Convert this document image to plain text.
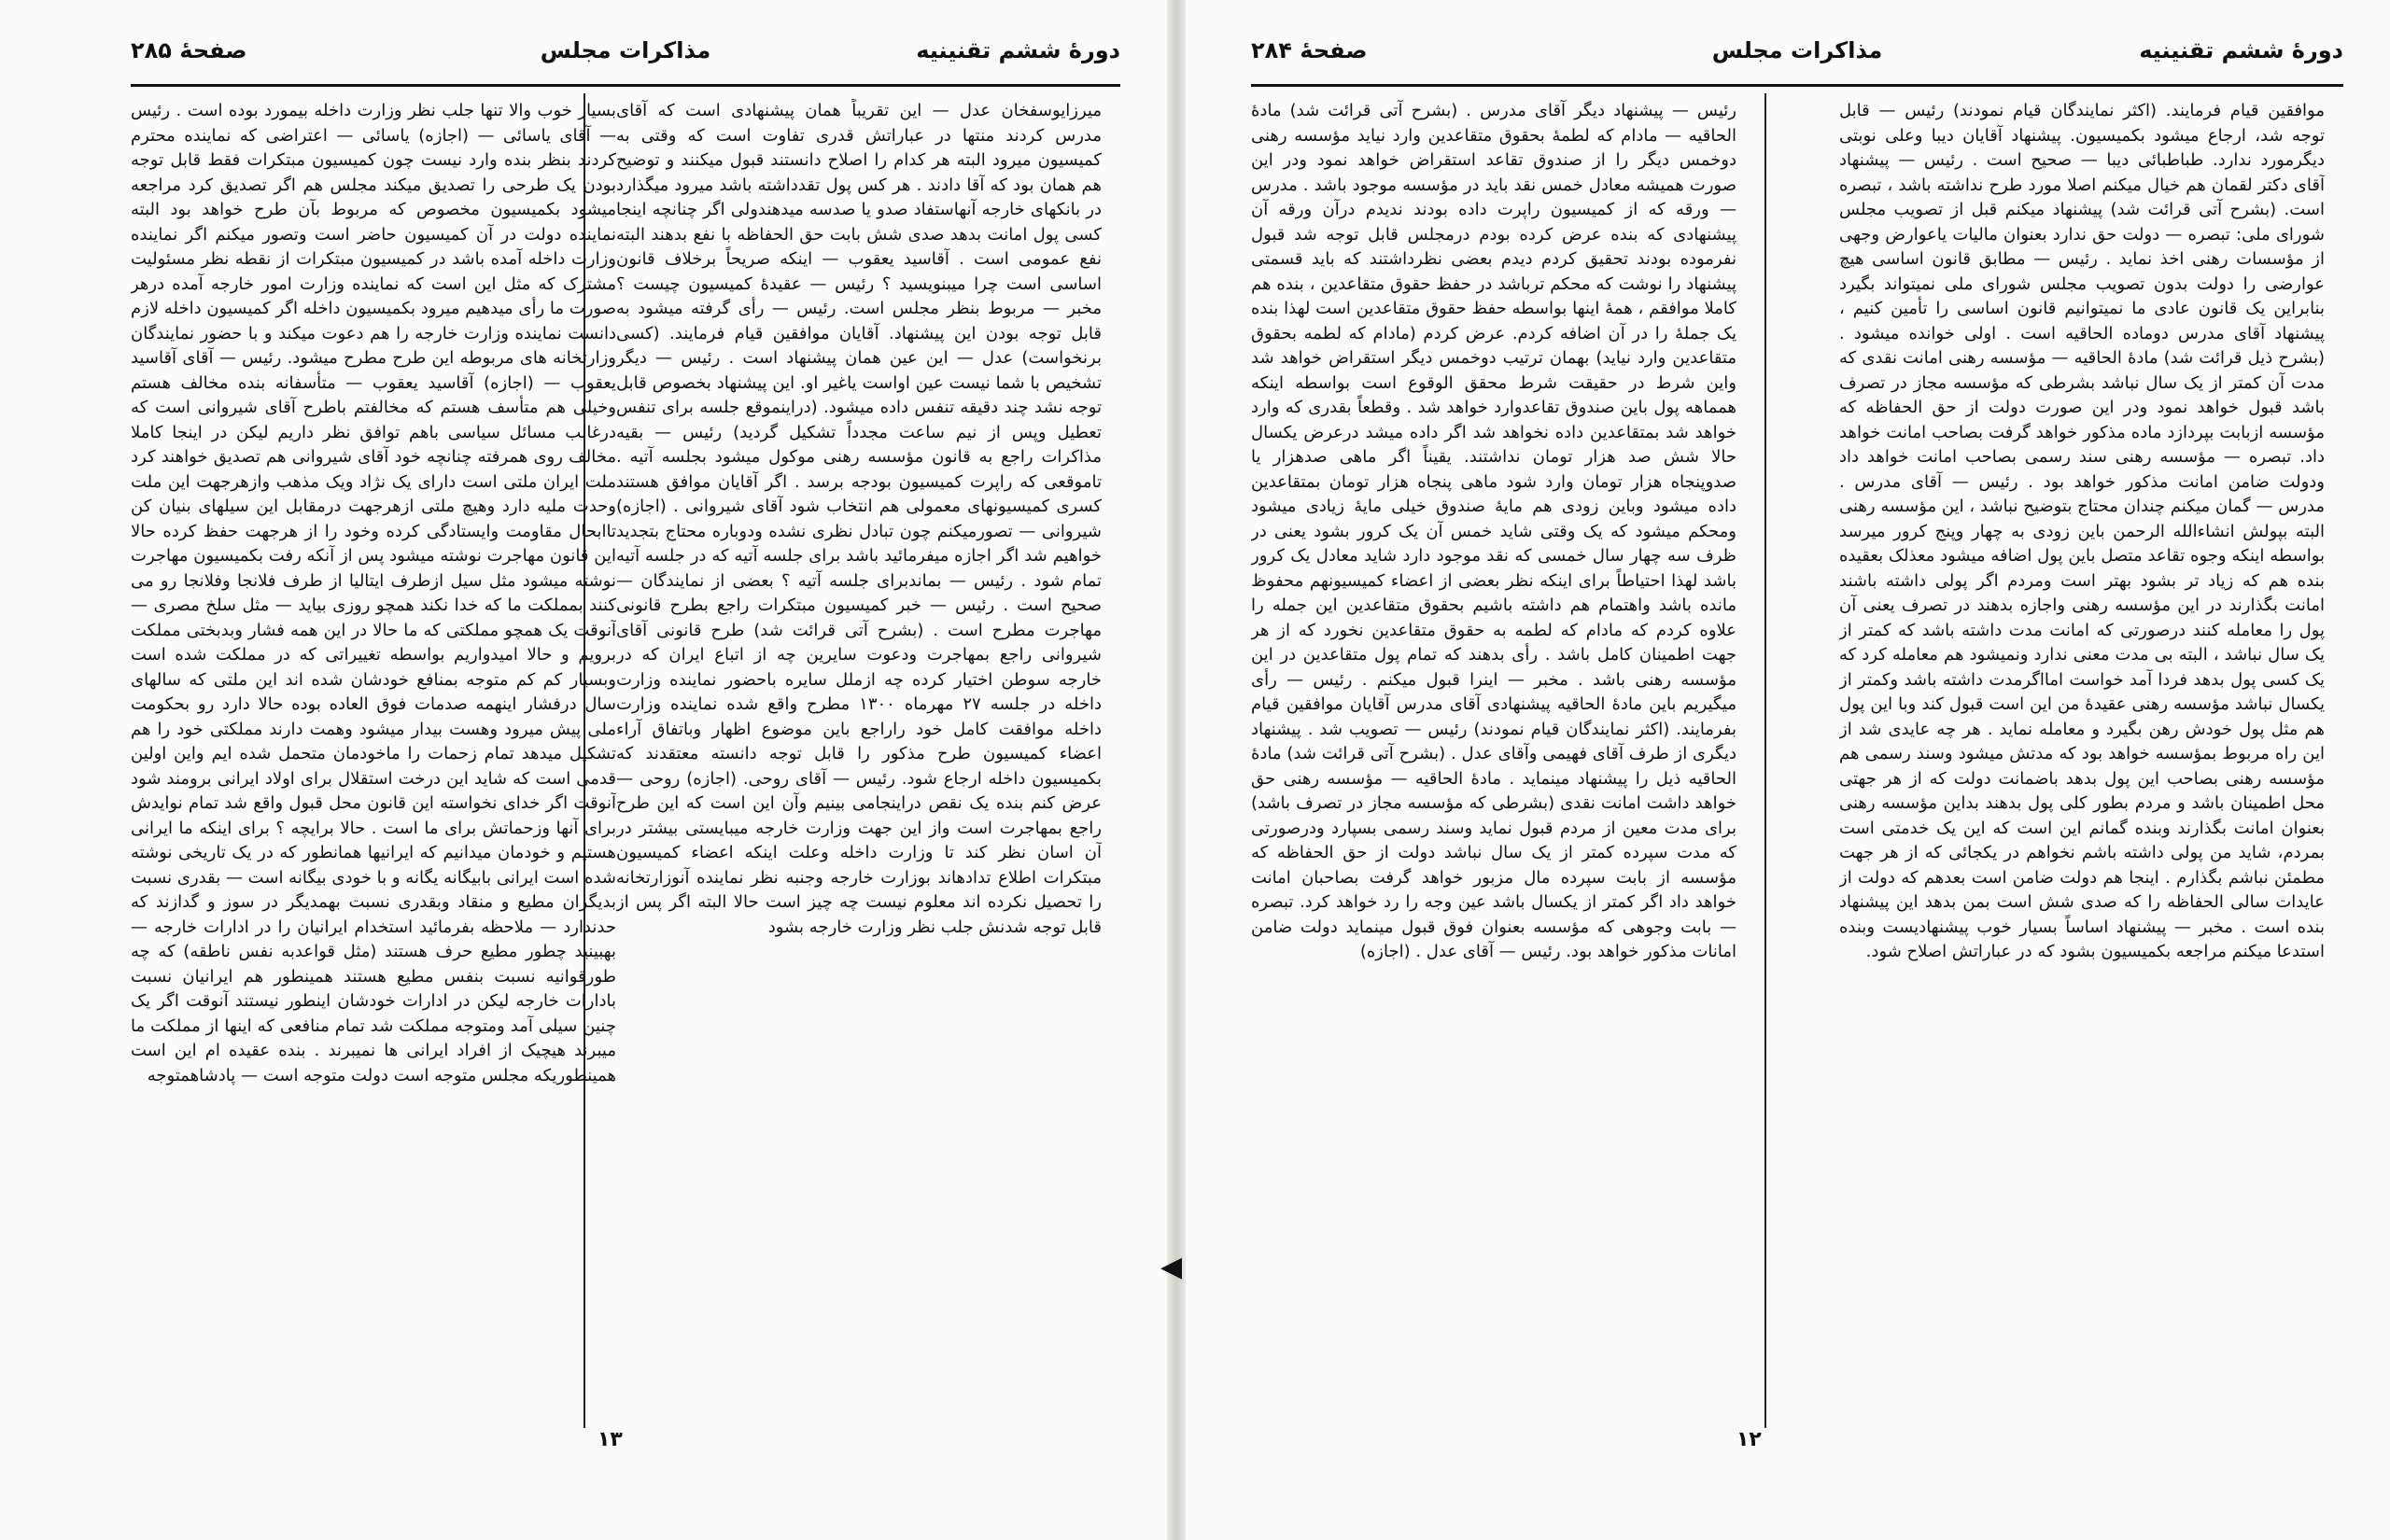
دورهٔ ششم تقنینیه
مذاکرات مجلس
صفحهٔ ۲۸۵

میرزایوسفخان عدل — این تقریباً همان پیشنهادی است که آقای مدرس کردند منتها در عباراتش قدری تفاوت است که وقتی به کمیسیون میرود البته هر کدام را اصلاح دانستند قبول میکنند و توضیح هم همان بود که آقا دادند . هر کس پول تقدداشته باشد میرود میگذارد در بانکهای خارجه آنهاستفاد صدو یا صدسه میدهندولی اگر چنانچه اینجا کسی پول امانت بدهد صدی شش بابت حق الحفاظه با نفع بدهند البته نفع عمومی است . آقاسید یعقوب — اینکه صریحاً برخلاف قانون اساسی است چرا میبنویسید ؟ رئیس — عقیدهٔ کمیسیون چیست ؟ مخبر — مربوط بنظر مجلس است. رئیس — رأی گرفته میشود به قابل توجه بودن این پیشنهاد. آقایان موافقین قیام فرمایند. (کسی برنخواست) عدل — این عین همان پیشنهاد است . رئیس — دیگر تشخیص با شما نیست عین اواست یاغیر او. این پیشنهاد بخصوص قابل توجه نشد چند دقیقه تنفس داده میشود. (دراینموقع جلسه برای تنفس تعطیل وپس از نیم ساعت مجدداً تشکیل گردید) رئیس — بقیه مذاکرات راجع به قانون مؤسسه رهنی موکول میشود بجلسه آتیه . تاموقعی که راپرت کمیسیون بودجه برسد . اگر آقایان موافق هستند کسری کمیسیونهای معمولی هم انتخاب شود آقای شیروانی . (اجازه) شیروانی — تصورمیکنم چون تبادل نظری نشده ودوباره محتاج بتجدید خواهیم شد اگر اجازه میفرمائید باشد برای جلسه آتیه که در جلسه آتیه تمام شود . رئیس — بماندبرای جلسه آتیه ؟ بعضی از نمایندگان — صحیح است . رئیس — خبر کمیسیون مبتکرات راجع بطرح قانونی مهاجرت مطرح است . (بشرح آتی قرائت شد) طرح قانونی آقای شیروانی راجع بمهاجرت ودعوت سایرین چه از اتباع ایران که در خارجه سوطن اختیار کرده چه ازملل سایره باحضور نماینده وزارت داخله در جلسه ۲۷ مهرماه ۱۳۰۰ مطرح واقع شده نماینده وزارت داخله موافقت کامل خود راراجع باین موضوع اظهار وباتفاق آراء اعضاء کمیسیون طرح مذکور را قابل توجه دانسته معتقدند که بکمیسیون داخله ارجاع شود. رئیس — آقای روحی. (اجازه) روحی — عرض کنم بنده یک نقص دراینجامی بینیم وآن این است که این طرح راجع بمهاجرت است واز این جهت وزارت خارجه میبایستی بیشتر در آن اسان نظر کند تا وزارت داخله وعلت اینکه اعضاء کمیسیون مبتکرات اطلاع تدادهاند بوزارت خارجه وجنبه نظر نماینده آنوزارتخانه را تحصیل نکرده اند معلوم نیست چه چیز است حالا البته اگر پس از قابل توجه شدنش جلب نظر وزارت خارجه بشود

بسیار خوب والا تنها جلب نظر وزارت داخله بیمورد بوده است . رئیس — آقای یاسائی — (اجازه) یاسائی — اعتراضی که نماینده محترم کردند بنظر بنده وارد نیست چون کمیسیون مبتکرات فقط قابل توجه بودن یک طرحی را تصدیق میکند مجلس هم اگر تصدیق کرد مراجعه میشود بکمیسیون مخصوص که مربوط بآن طرح خواهد بود البته نماینده دولت در آن کمیسیون حاضر است وتصور میکنم اگر نماینده وزارت داخله آمده باشد در کمیسیون مبتکرات از نقطه نظر مسئولیت مشترک که مثل این است که نماینده وزارت امور خارجه آمده درهر صورت ما رأی میدهیم میرود بکمیسیون داخله اگر کمیسیون داخله لازم دانست نماینده وزارت خارجه را هم دعوت میکند و با حضور نمایندگان وزارتخانه های مربوطه این طرح مطرح میشود. رئیس — آقای آقاسید یعقوب — (اجازه) آقاسید یعقوب — متأسفانه بنده مخالف هستم وخیلی هم متأسف هستم که مخالفتم باطرح آقای شیروانی است که درغالب مسائل سیاسی باهم توافق نظر داریم لیکن در اینجا کاملا مخالف روی همرفته چنانچه خود آقای شیروانی هم تصدیق خواهند کرد ملت ایران ملتی است دارای یک نژاد ویک مذهب وازهرجهت این ملت وحدت ملیه دارد وهیچ ملتی ازهرجهت درمقابل این سیلهای بنیان کن تاابحال مقاومت وایستادگی کرده وخود را از هرجهت حفظ کرده حالا این قانون مهاجرت نوشته میشود پس از آنکه رفت بکمیسیون مهاجرت نوشته میشود مثل سیل ازطرف ایتالیا از طرف فلانجا وفلانجا رو می کنند بمملکت ما که خدا نکند همچو روزی بیاید — مثل سلخ مصری — آنوقت یک همچو مملکتی که ما حالا در این همه فشار وبدبختی مملکت برویم و حالا امیدواریم بواسطه تغییراتی که در مملکت شده است وبسیار کم کم متوجه بمنافع خودشان شده اند این ملتی که سالهای سال درفشار اینهمه صدمات فوق العاده بوده حالا دارد رو بحکومت ملی پیش میرود وهست بیدار میشود وهمت دارند مملکتی خود را هم تشکیل میدهد تمام زحمات را ماخودمان متحمل شده ایم واین اولین قدمی است که شاید این درخت استقلال برای اولاد ایرانی برومند شود آنوقت اگر خدای نخواسته این قانون محل قبول واقع شد تمام نوایدش برای آنها وزحماتش برای ما است . حالا برایچه ؟ برای اینکه ما ایرانی هستیم و خودمان میدانیم که ایرانیها همانطور که در یک تاریخی نوشته شده است ایرانی بابیگانه یگانه و با خودی بیگانه است — بقدری نسبت بدیگران مطیع و منقاد وبقدری نسبت بهمدیگر در سوز و گدازند که حدندارد — ملاحظه بفرمائید استخدام ایرانیان را در ادارات خارجه — بهبینید چطور مطیع حرف هستند (مثل قواعدبه نفس ناطقه) که چه طورقوانیه نسبت بنفس مطیع هستند همینطور هم ایرانیان نسبت بادارات خارجه لیکن در ادارات خودشان اینطور نیستند آنوقت اگر یک چنین سیلی آمد ومتوجه مملکت شد تمام منافعی که اینها از مملکت ما میبرند هیچیک از افراد ایرانی ها نمیبرند . بنده عقیده ام این است همینطوریکه مجلس متوجه است دولت متوجه است — پادشاهمتوجه

۱۳
◀
دورهٔ ششم تقنینیه
مذاکرات مجلس
صفحهٔ ۲۸۴

موافقین قیام فرمایند. (اکثر نمایندگان قیام نمودند) رئیس — قابل توجه شد، ارجاع میشود بکمیسیون. پیشنهاد آقایان دیبا وعلی نوبتی دیگرمورد ندارد. طباطبائی دیبا — صحیح است . رئیس — پیشنهاد آقای دکتر لقمان هم خیال میکنم اصلا مورد طرح نداشته باشد ، تبصره است. (بشرح آتی قرائت شد) پیشنهاد میکنم قبل از تصویب مجلس شورای ملی: تبصره — دولت حق ندارد بعنوان مالیات یاعوارض وجهی از مؤسسات رهنی اخذ نماید . رئیس — مطابق قانون اساسی هیچ عوارضی را دولت بدون تصویب مجلس شورای ملی نمیتواند بگیرد بنابراین یک قانون عادی ما نمیتوانیم قانون اساسی را تأمین کنیم ، پیشنهاد آقای مدرس دوماده الحاقیه است . اولی خوانده میشود . (بشرح ذیل قرائت شد) مادهٔ الحاقیه — مؤسسه رهنی امانت نقدی که مدت آن کمتر از یک سال نباشد بشرطی که مؤسسه مجاز در تصرف باشد قبول خواهد نمود ودر این صورت دولت از حق الحفاظه که مؤسسه ازبابت بپردازد ماده مذکور خواهد گرفت بصاحب امانت خواهد داد. تبصره — مؤسسه رهنی سند رسمی بصاحب امانت خواهد داد ودولت ضامن امانت مذکور خواهد بود . رئیس — آقای مدرس . مدرس — گمان میکنم چندان محتاج بتوضیح نباشد ، این مؤسسه رهنی البته بپولش انشاءالله الرحمن باین زودی به چهار وپنج کرور میرسد بواسطه اینکه وجوه تقاعد متصل باین پول اضافه میشود معذلک بعقیده بنده هم که زیاد تر بشود بهتر است ومردم اگر پولی داشته باشند امانت بگذارند در این مؤسسه رهنی واجازه بدهند در تصرف یعنی آن پول را معامله کنند درصورتی که امانت مدت داشته باشد که کمتر از یک سال نباشد ، البته بی مدت معنی ندارد ونمیشود هم معامله کرد که یک کسی پول بدهد فردا آمد خواست امااگرمدت داشته باشد وکمتر از یکسال نباشد مؤسسه رهنی عقیدهٔ من این است قبول کند وبا این پول هم مثل پول خودش رهن بگیرد و معامله نماید . هر چه عایدی شد از این راه مربوط بمؤسسه خواهد بود که مدتش میشود وسند رسمی هم مؤسسه رهنی بصاحب این پول بدهد باضمانت دولت که از هر جهتی محل اطمینان باشد و مردم بطور کلی پول بدهند بداین مؤسسه رهنی بعنوان امانت بگذارند وبنده گمانم این است که این یک خدمتی است بمردم، شاید من پولی داشته باشم نخواهم در یکجائی که از هر جهت مطمئن نباشم بگذارم . اینجا هم دولت ضامن است بعدهم که دولت از عایدات سالی الحفاظه را که صدی شش است بمن بدهد این پیشنهاد بنده است . مخبر — پیشنهاد اساساً بسیار خوب پیشنهادیست وبنده استدعا میکنم مراجعه بکمیسیون بشود که در عباراتش اصلاح شود.

رئیس — پیشنهاد دیگر آقای مدرس . (بشرح آتی قرائت شد) مادهٔ الحاقیه — مادام که لطمهٔ بحقوق متقاعدین وارد نیاید مؤسسه رهنی دوخمس دیگر را از صندوق تقاعد استقراض خواهد نمود ودر این صورت همیشه معادل خمس نقد باید در مؤسسه موجود باشد . مدرس — ورقه که از کمیسیون راپرت داده بودند ندیدم درآن ورقه آن پیشنهادی که بنده عرض کرده بودم درمجلس قابل توجه شد قبول نفرموده بودند تحقیق کردم دیدم بعضی نظرداشتند که باید قسمتی پیشنهاد را نوشت که محکم ترباشد در حفظ حقوق متقاعدین ، بنده هم کاملا موافقم ، همهٔ اینها بواسطه حفظ حقوق متقاعدین است لهذا بنده یک جملهٔ را در آن اضافه کردم. عرض کردم (مادام که لطمه بحقوق متقاعدین وارد نیاید) بهمان ترتیب دوخمس دیگر استقراض خواهد شد واین شرط در حقیقت شرط محقق الوقوع است بواسطه اینکه همماهه پول باین صندوق تقاعدوارد خواهد شد . وقطعاً بقدری که وارد خواهد شد بمتقاعدین داده نخواهد شد اگر داده میشد درعرض یکسال حالا شش صد هزار تومان نداشتند. یقیناً اگر ماهی صدهزار یا صدوپنجاه هزار تومان وارد شود ماهی پنجاه هزار تومان بمتقاعدین داده میشود وباین زودی هم مایهٔ صندوق خیلی مایهٔ زیادی میشود ومحکم میشود که یک وقتی شاید خمس آن یک کرور بشود یعنی در ظرف سه چهار سال خمسی که نقد موجود دارد شاید معادل یک کرور باشد لهذا احتیاطاً برای اینکه نظر بعضی از اعضاء کمیسیونهم محفوظ مانده باشد واهتمام هم داشته باشیم بحقوق متقاعدین این جمله را علاوه کردم که مادام که لطمه به حقوق متقاعدین نخورد که از هر جهت اطمینان کامل باشد . رأی بدهند که تمام پول متقاعدین در این مؤسسه رهنی باشد . مخبر — اینرا قبول میکنم . رئیس — رأی میگیریم باین مادهٔ الحاقیه پیشنهادی آقای مدرس آقایان موافقین قیام بفرمایند. (اکثر نمایندگان قیام نمودند) رئیس — تصویب شد . پیشنهاد دیگری از طرف آقای فهیمی وآقای عدل . (بشرح آتی قرائت شد) مادهٔ الحاقیه ذیل را پیشنهاد مینماید . مادهٔ الحاقیه — مؤسسه رهنی حق خواهد داشت امانت نقدی (بشرطی که مؤسسه مجاز در تصرف باشد) برای مدت معین از مردم قبول نماید وسند رسمی بسپارد ودرصورتی که مدت سپرده کمتر از یک سال نباشد دولت از حق الحفاظه که مؤسسه از بابت سپرده مال مزبور خواهد گرفت بصاحبان امانت خواهد داد اگر کمتر از یکسال باشد عین وجه را رد خواهد کرد. تبصره — بابت وجوهی که مؤسسه بعنوان فوق قبول مینماید دولت ضامن امانات مذکور خواهد بود. رئیس — آقای عدل . (اجازه)

۱۲
